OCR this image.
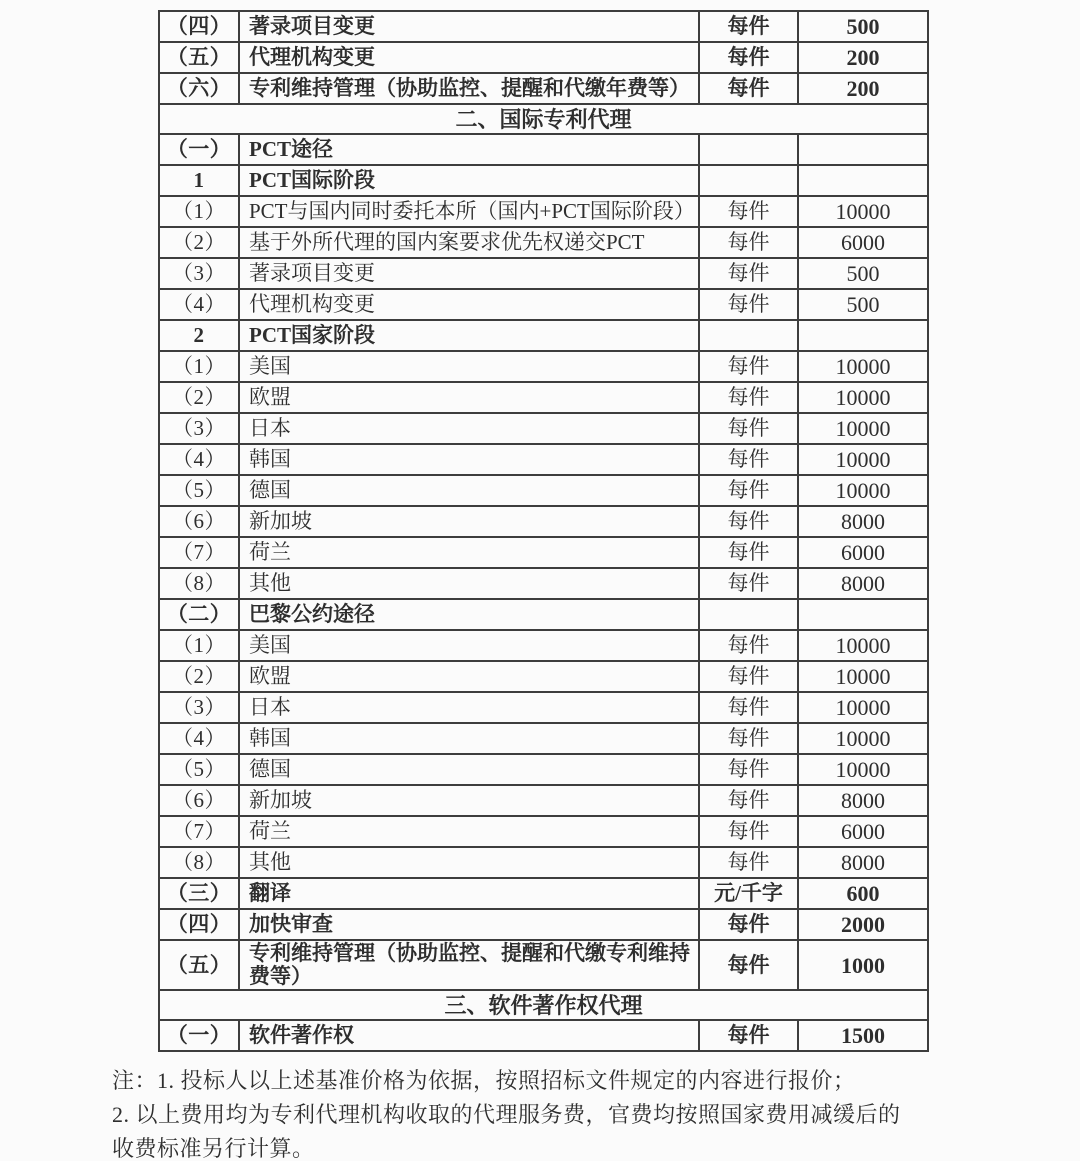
（四）	著录项目变更	每件	500
（五）	代理机构变更	每件	200
（六）	专利维持管理（协助监控、提醒和代缴年费等）	每件	200
二、国际专利代理			
（一）	PCT途径		
1	PCT国际阶段		
（1）	PCT与国内同时委托本所（国内+PCT国际阶段）	每件	10000
（2）	基于外所代理的国内案要求优先权递交PCT	每件	6000
（3）	著录项目变更	每件	500
（4）	代理机构变更	每件	500
2	PCT国家阶段		
（1）	美国	每件	10000
（2）	欧盟	每件	10000
（3）	日本	每件	10000
（4）	韩国	每件	10000
（5）	德国	每件	10000
（6）	新加坡	每件	8000
（7）	荷兰	每件	6000
（8）	其他	每件	8000
（二）	巴黎公约途径		
（1）	美国	每件	10000
（2）	欧盟	每件	10000
（3）	日本	每件	10000
（4）	韩国	每件	10000
（5）	德国	每件	10000
（6）	新加坡	每件	8000
（7）	荷兰	每件	6000
（8）	其他	每件	8000
（三）	翻译	元/千字	600
（四）	加快审查	每件	2000
（五）	专利维持管理（协助监控、提醒和代缴专利维持费等）	每件	1000
三、软件著作权代理			
（一）	软件著作权	每件	1500
注：1. 投标人以上述基准价格为依据，按照招标文件规定的内容进行报价；
2. 以上费用均为专利代理机构收取的代理服务费，官费均按照国家费用减缓后的
收费标准另行计算。
